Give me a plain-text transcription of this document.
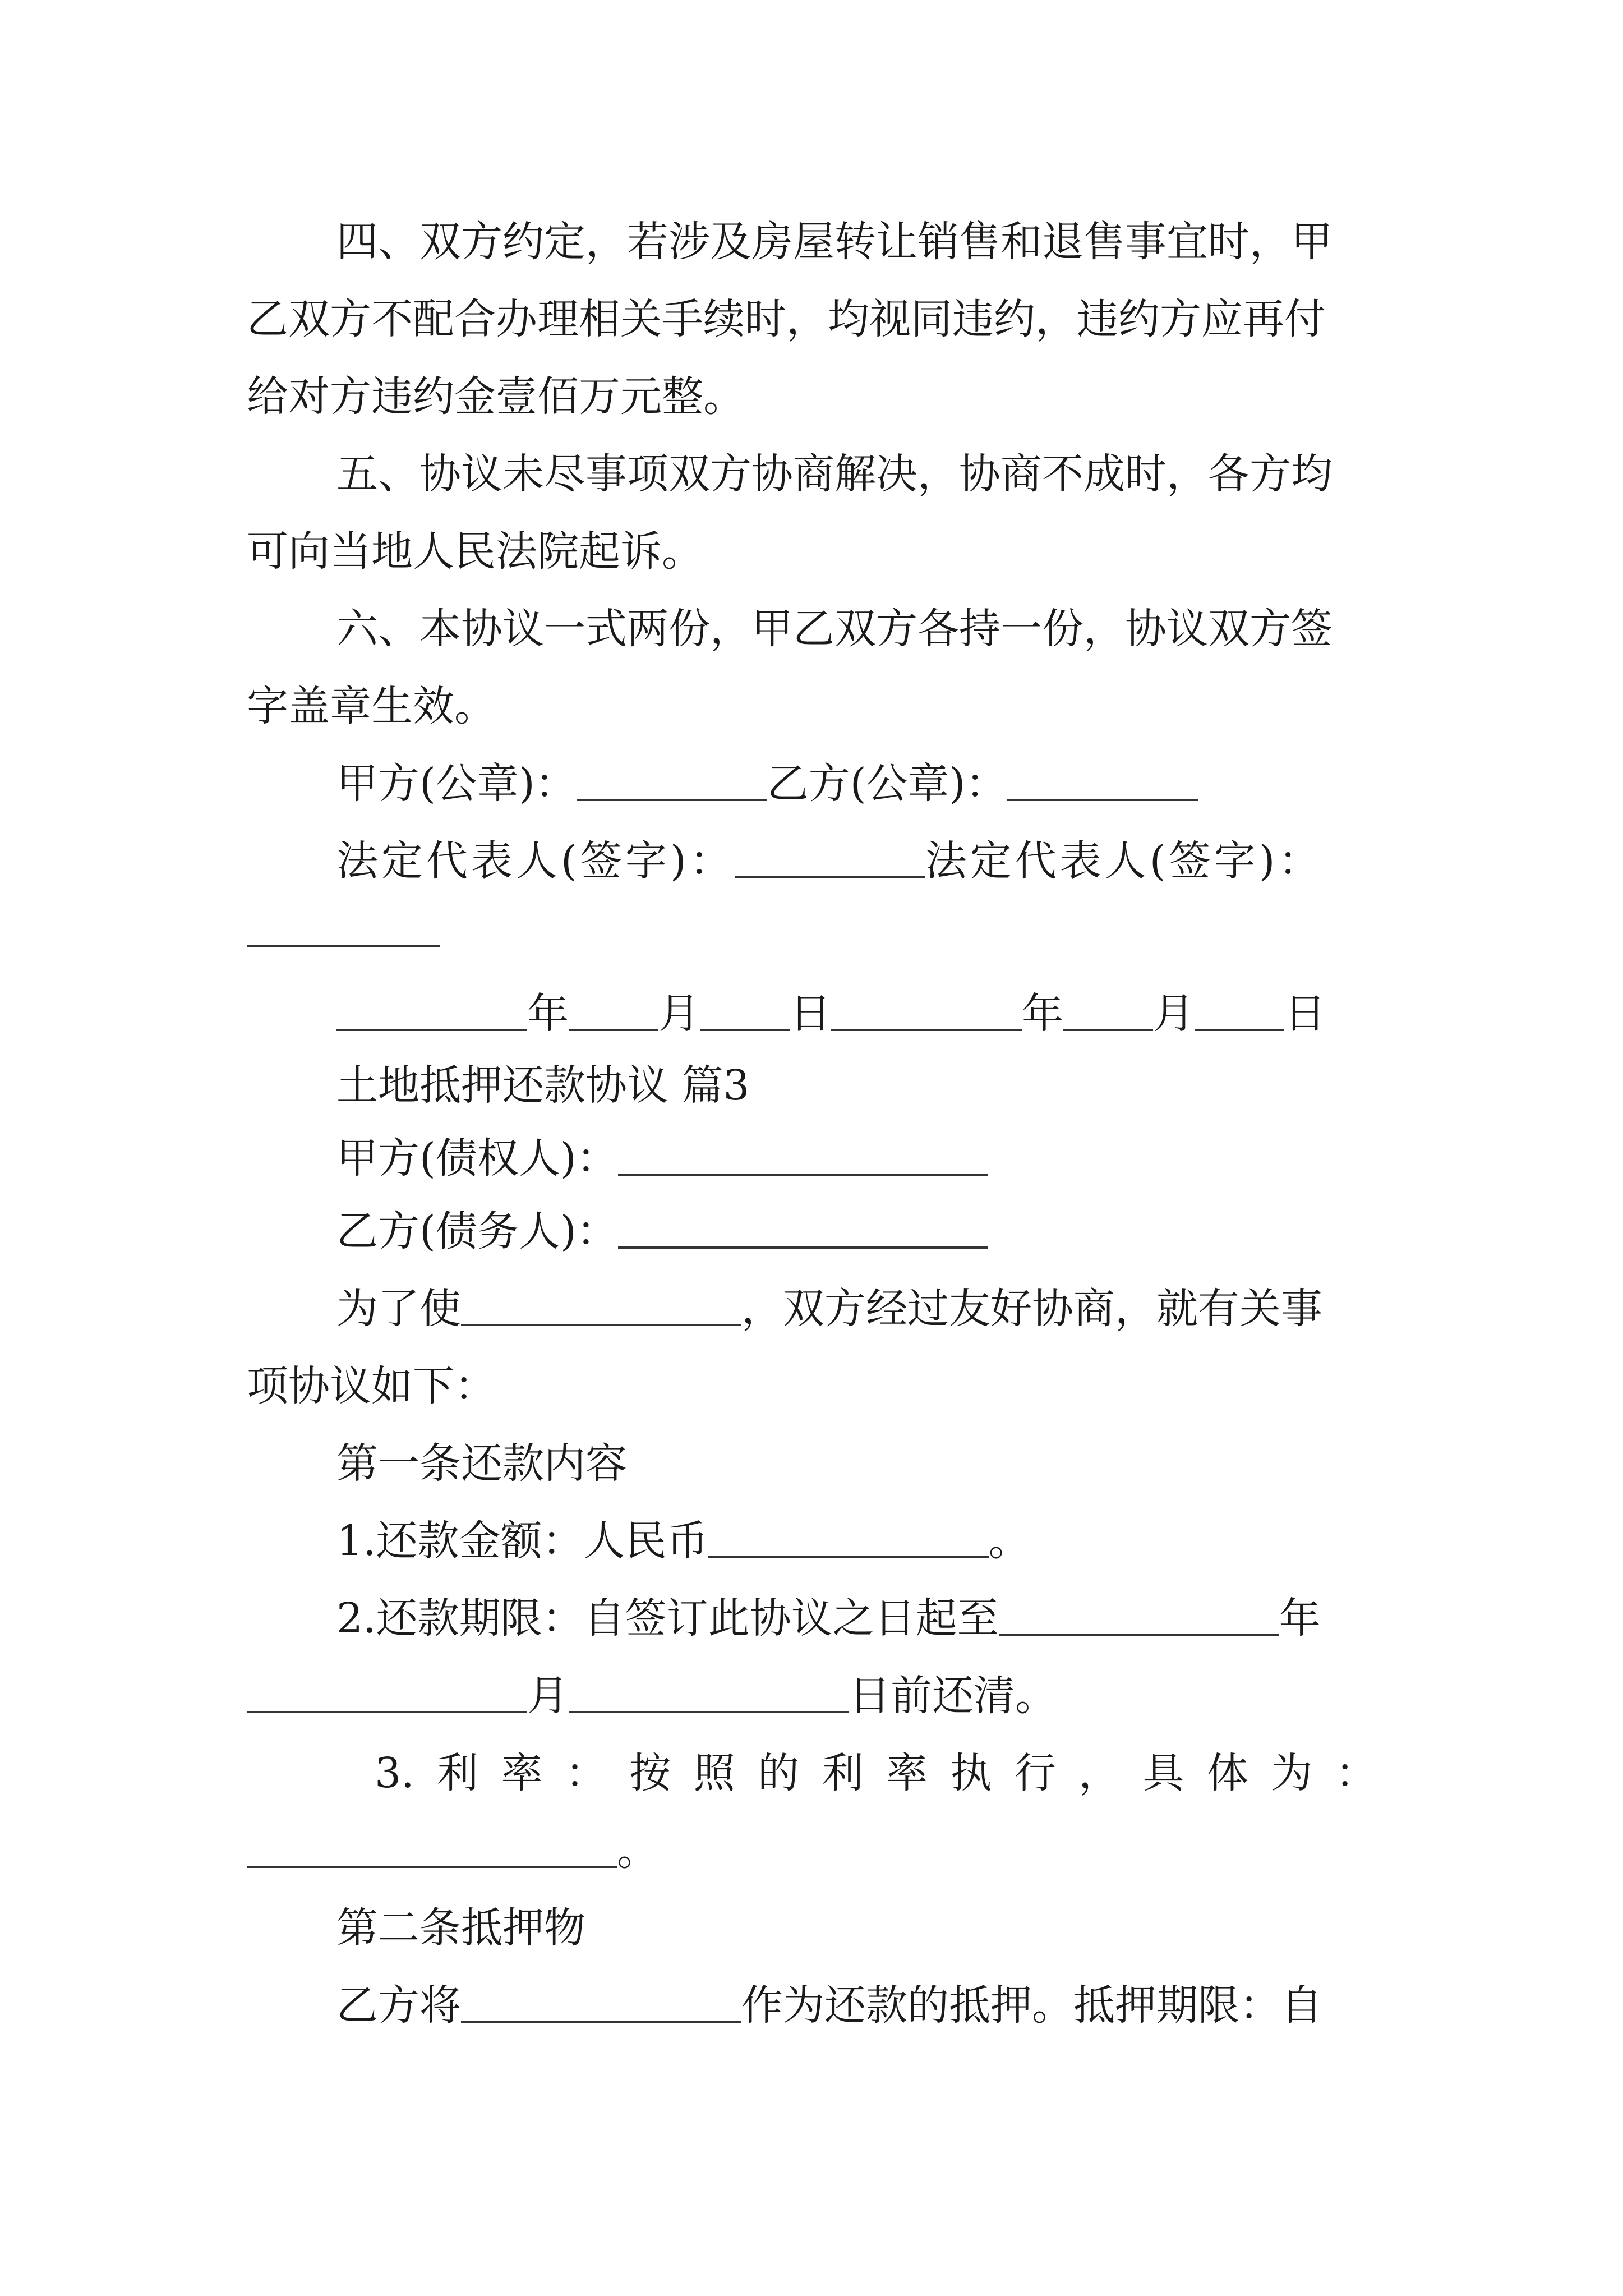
四、双方约定，若涉及房屋转让销售和退售事宜时，甲
乙双方不配合办理相关手续时，均视同违约，违约方应再付
给对方违约金壹佰万元整。
五、协议未尽事项双方协商解决，协商不成时，各方均
可向当地人民法院起诉。
六、本协议一式两份，甲乙双方各持一份，协议双方签
字盖章生效。
甲方(公章)：	乙方(公章)：
法定代表人(签字)：	法定代表人(签字)：
年 月 日	年 月 日
土地抵押还款协议 篇3
甲方(债权人)：
乙方(债务人)：
为了使	，双方经过友好协商，就有关事
项协议如下：
第一条还款内容
1.还款金额：人民币	。
2.还款期限：自签订此协议之日起至	年
月	日前还清。
3. 利 率 ： 按 照 的 利 率 执 行 ， 具 体 为 ：
。
第二条抵押物
乙方将	作为还款的抵押。抵押期限：自
